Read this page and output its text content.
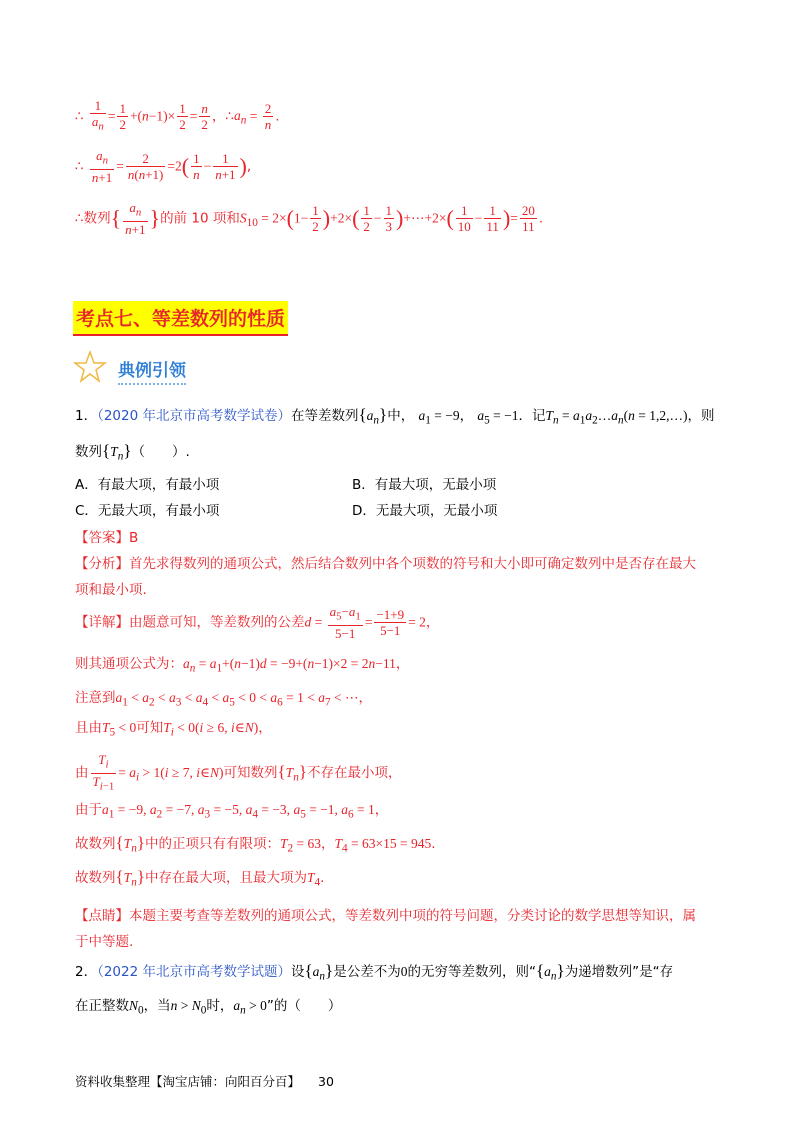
∴ $\frac{1}{a_n} = \frac{1}{2} +(n-1)\times \frac{1}{2} = \frac{n}{2}$ ，$\therefore a_n = \frac{2}{n}$ .
∴ $\frac{a_n}{n+1} = \frac{2}{n(n+1)} =2( \frac{1}{n} - \frac{1}{n+1}$ ),
∴数列{ $\frac{a_n}{n+1}$ }的前 10 项和$S_{10} = 2\times(1- \frac{1}{2} )+2\times( \frac{1}{2} - \frac{1}{3}$ )+⋯+2×( $\frac{1}{10} - \frac{1}{11}$ )= $\frac{20}{11}$ .
考点七、等差数列的性质
典例引领
1．（2020 年北京市高考数学试卷）在等差数列$\{a_n\}$中， $a_1 = -9$， $a_5 = -1$．记$T_n$ = $a_1a_2\dots a_n(n$ = 1,2,…)，则
数列$\{T_n\}$（　　）.
A．有最大项，有最小项	B．有最大项，无最小项
C．无最大项，有最小项	D．无最大项，无最小项
【答案】B
【分析】首先求得数列的通项公式，然后结合数列中各个项数的符号和大小即可确定数列中是否存在最大
项和最小项.
【详解】由题意可知，等差数列的公差$d = \frac{a_5-a_1}{5-1} = \frac{-1+9}{5-1} = 2$，
则其通项公式为：$a_n = a_1+(n-1)d = -9+(n-1)\times 2 = 2n-11$，
注意到$a_1 < a_2 < a_3 < a_4 < a_5 < 0 < a_6 = 1 < a_7$ < ⋯，
且由$T_5 < 0$可知$T_i < 0(i \ge 6$, i∈N)，
由 $\frac{T_i}{T_{i-1}} = a_i > 1(i \ge 7$, i∈N)可知数列$\{T_n\}$不存在最小项，
由于$a_1 = -9$, $a_2 = -7$, $a_3 = -5$, $a_4 = -3$, $a_5 = -1$, $a_6 = 1$，
故数列$\{T_n\}$中的正项只有有限项：$T_2 = 63$，$T_4 = 63\times 15 = 945$.
故数列$\{T_n\}$中存在最大项，且最大项为$T_4$.
【点睛】本题主要考查等差数列的通项公式，等差数列中项的符号问题，分类讨论的数学思想等知识，属
于中等题.
2．（2022 年北京市高考数学试题）设$\{a_n\}$是公差不为0的无穷等差数列，则“$\{a_n\}$为递增数列”是“存
在正整数$N_0$，当$n > N_0$时，$a_n > 0$”的（　　）
资料收集整理【淘宝店铺：向阳百分百】 30
